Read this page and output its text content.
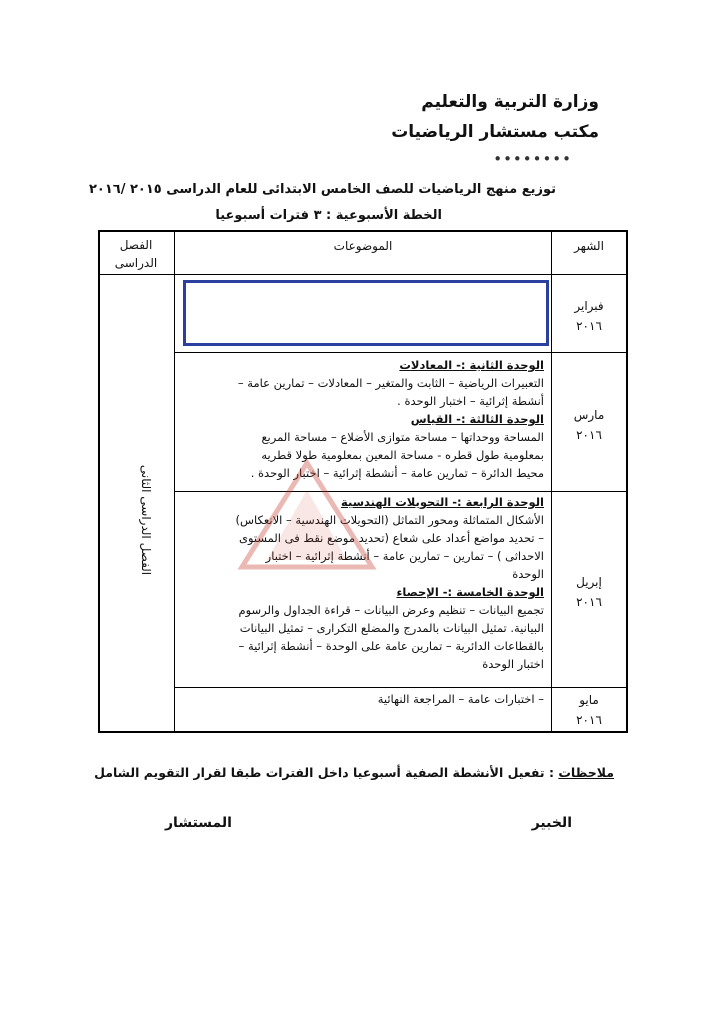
وزارة التربية والتعليم
مكتب مستشار الرياضيات
••••••••
توزيع منهج الرياضيات للصف الخامس الابتدائى للعام الدراسى ٢٠١٥ /٢٠١٦
الخطة الأسبوعية : ٣ فترات أسبوعيا
الشهر
الموضوعات
الفصل
الدراسى
الفصل الدراسى الثانى
فبراير
٢٠١٦
مارس
٢٠١٦
الوحدة الثانية :- المعادلات
التعبيرات الرياضية – الثابت والمتغير – المعادلات – تمارين عامة –
أنشطة إثرائية – اختبار الوحدة .
الوحدة الثالثة :- القياس
المساحة ووحداتها – مساحة متوازى الأضلاع – مساحة المربع
بمعلومية طول قطره - مساحة المعين بمعلومية طولا قطريه
محيط الدائرة – تمارين عامة – أنشطة إثرائية – اختبار الوحدة .
إبريل
٢٠١٦
الوحدة الرابعة :- التحويلات الهندسية
الأشكال المتماثلة ومحور التماثل (التحويلات الهندسية – الانعكاس)
– تحديد مواضع أعداد على شعاع (تحديد موضع نقط فى المستوى
الاحداثى ) – تمارين – تمارين عامة – أنشطة إثرائية – اختبار
الوحدة
الوحدة الخامسة :- الإحصاء
تجميع البيانات – تنظيم وعرض البيانات – قراءة الجداول والرسوم
البيانية. تمثيل البيانات بالمدرج والمضلع التكرارى – تمثيل البيانات
بالقطاعات الدائرية – تمارين عامة على الوحدة – أنشطة إثرائية –
اختبار الوحدة
مايو
٢٠١٦
– اختبارات عامة – المراجعة النهائية
ملاحظات : تفعيل الأنشطة الصفية أسبوعيا داخل الفترات طبقا لقرار التقويم الشامل
الخبير
المستشار
